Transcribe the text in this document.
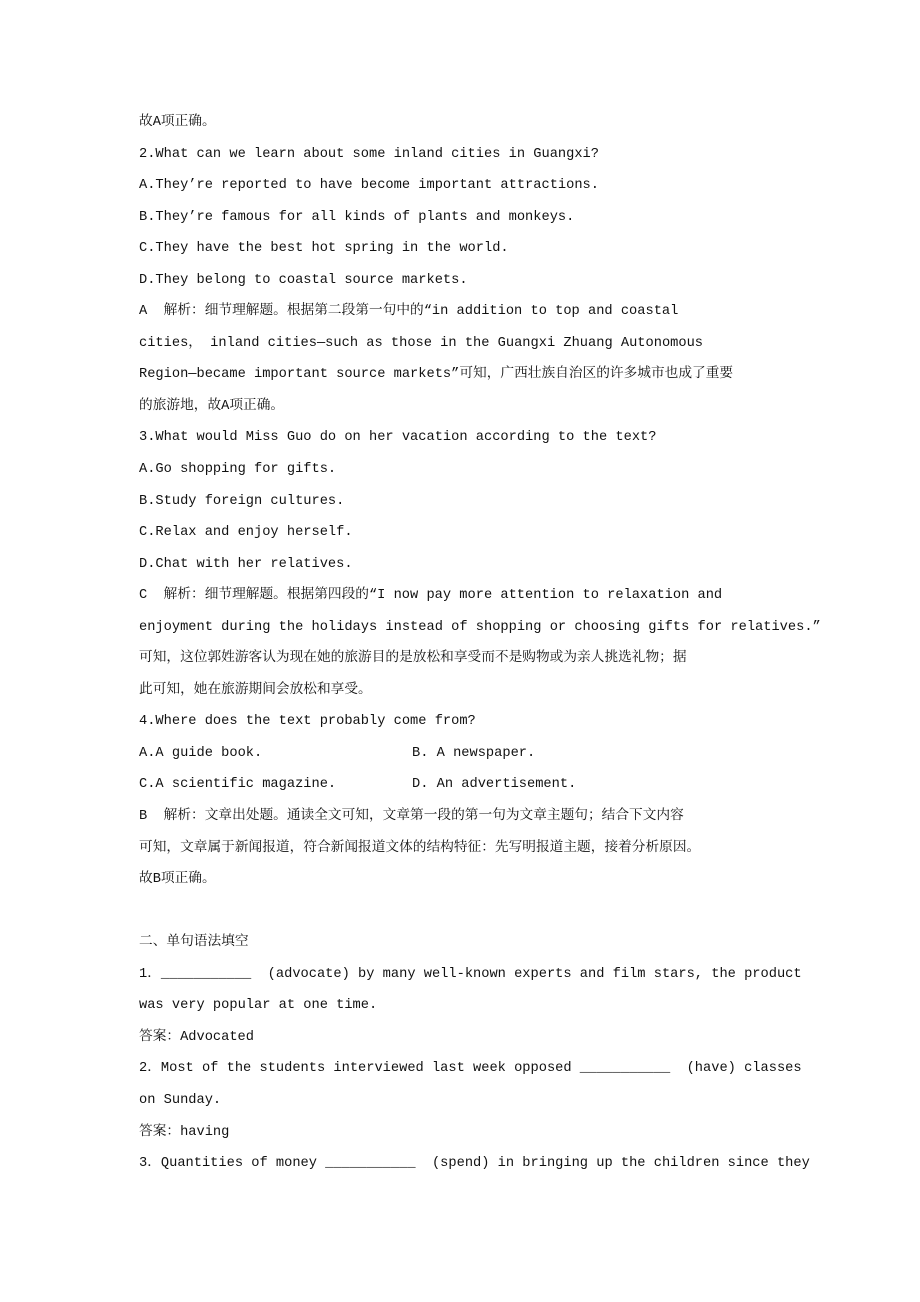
故A项正确。
2.What can we learn about some inland cities in Guangxi?
A.They’re reported to have become important attractions.
B.They’re famous for all kinds of plants and monkeys.
C.They have the best hot spring in the world.
D.They belong to coastal source markets.
A  解析：细节理解题。根据第二段第一句中的“in addition to top and coastal
cities， inland cities—such as those in the Guangxi Zhuang Autonomous
Region—became important source markets”可知，广西壮族自治区的许多城市也成了重要
的旅游地，故A项正确。
3.What would Miss Guo do on her vacation according to the text?
A.Go shopping for gifts.
B.Study foreign cultures.
C.Relax and enjoy herself.
D.Chat with her relatives.
C  解析：细节理解题。根据第四段的“I now pay more attention to relaxation and
enjoyment during the holidays instead of shopping or choosing gifts for relatives.”
可知，这位郭姓游客认为现在她的旅游目的是放松和享受而不是购物或为亲人挑选礼物；据
此可知，她在旅游期间会放松和享受。
4.Where does the text probably come from?
A.A guide book.	B. A newspaper.
C.A scientific magazine.	D. An advertisement.
B  解析：文章出处题。通读全文可知，文章第一段的第一句为文章主题句；结合下文内容
可知，文章属于新闻报道，符合新闻报道文体的结构特征：先写明报道主题，接着分析原因。
故B项正确。
二、单句语法填空
1．___________  (advocate) by many well-known experts and film stars, the product
was very popular at one time.
答案：Advocated
2．Most of the students interviewed last week opposed ___________  (have) classes
on Sunday.
答案：having
3．Quantities of money ___________  (spend) in bringing up the children since they
